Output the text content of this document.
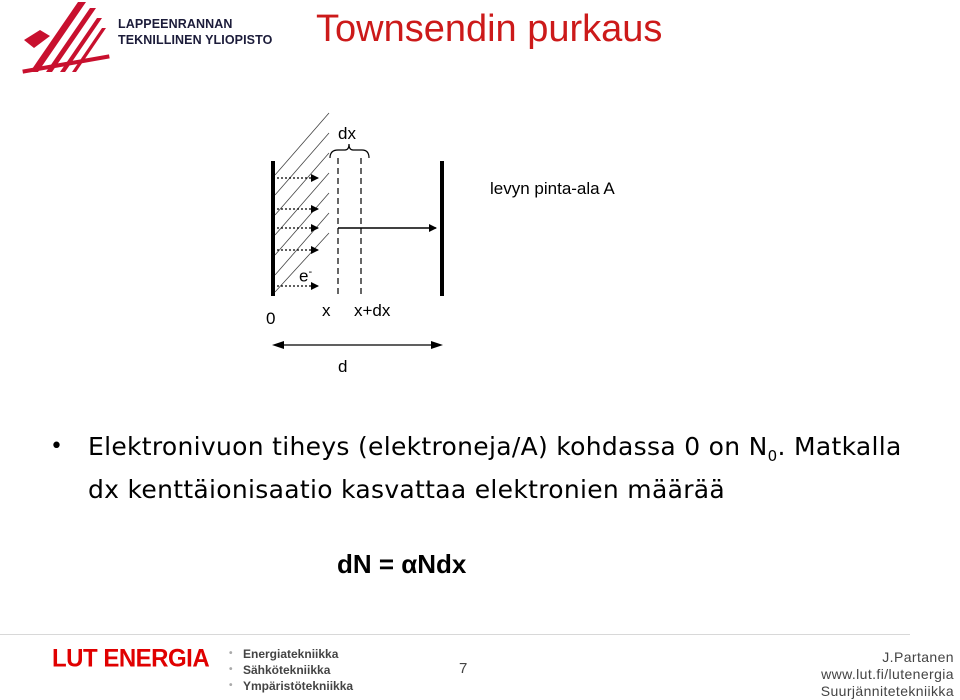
LAPPEENRANNAN
TEKNILLINEN YLIOPISTO Townsendin purkaus
dx
levyn pinta-ala A
e-
0	x x+dx
d
• Elektronivuon tiheys (elektroneja/A) kohdassa 0 on $N_0$. Matkalla dx kenttäionisaatio kasvattaa elektronien määrää
dN = αNdx
LUT ENERGIA
•	Energiatekniikka
• Sähkötekniikka
• Ympäristötekniikka
7
J.Partanen
www.lut.fi/lutenergia
Suurjännitetekniikka
